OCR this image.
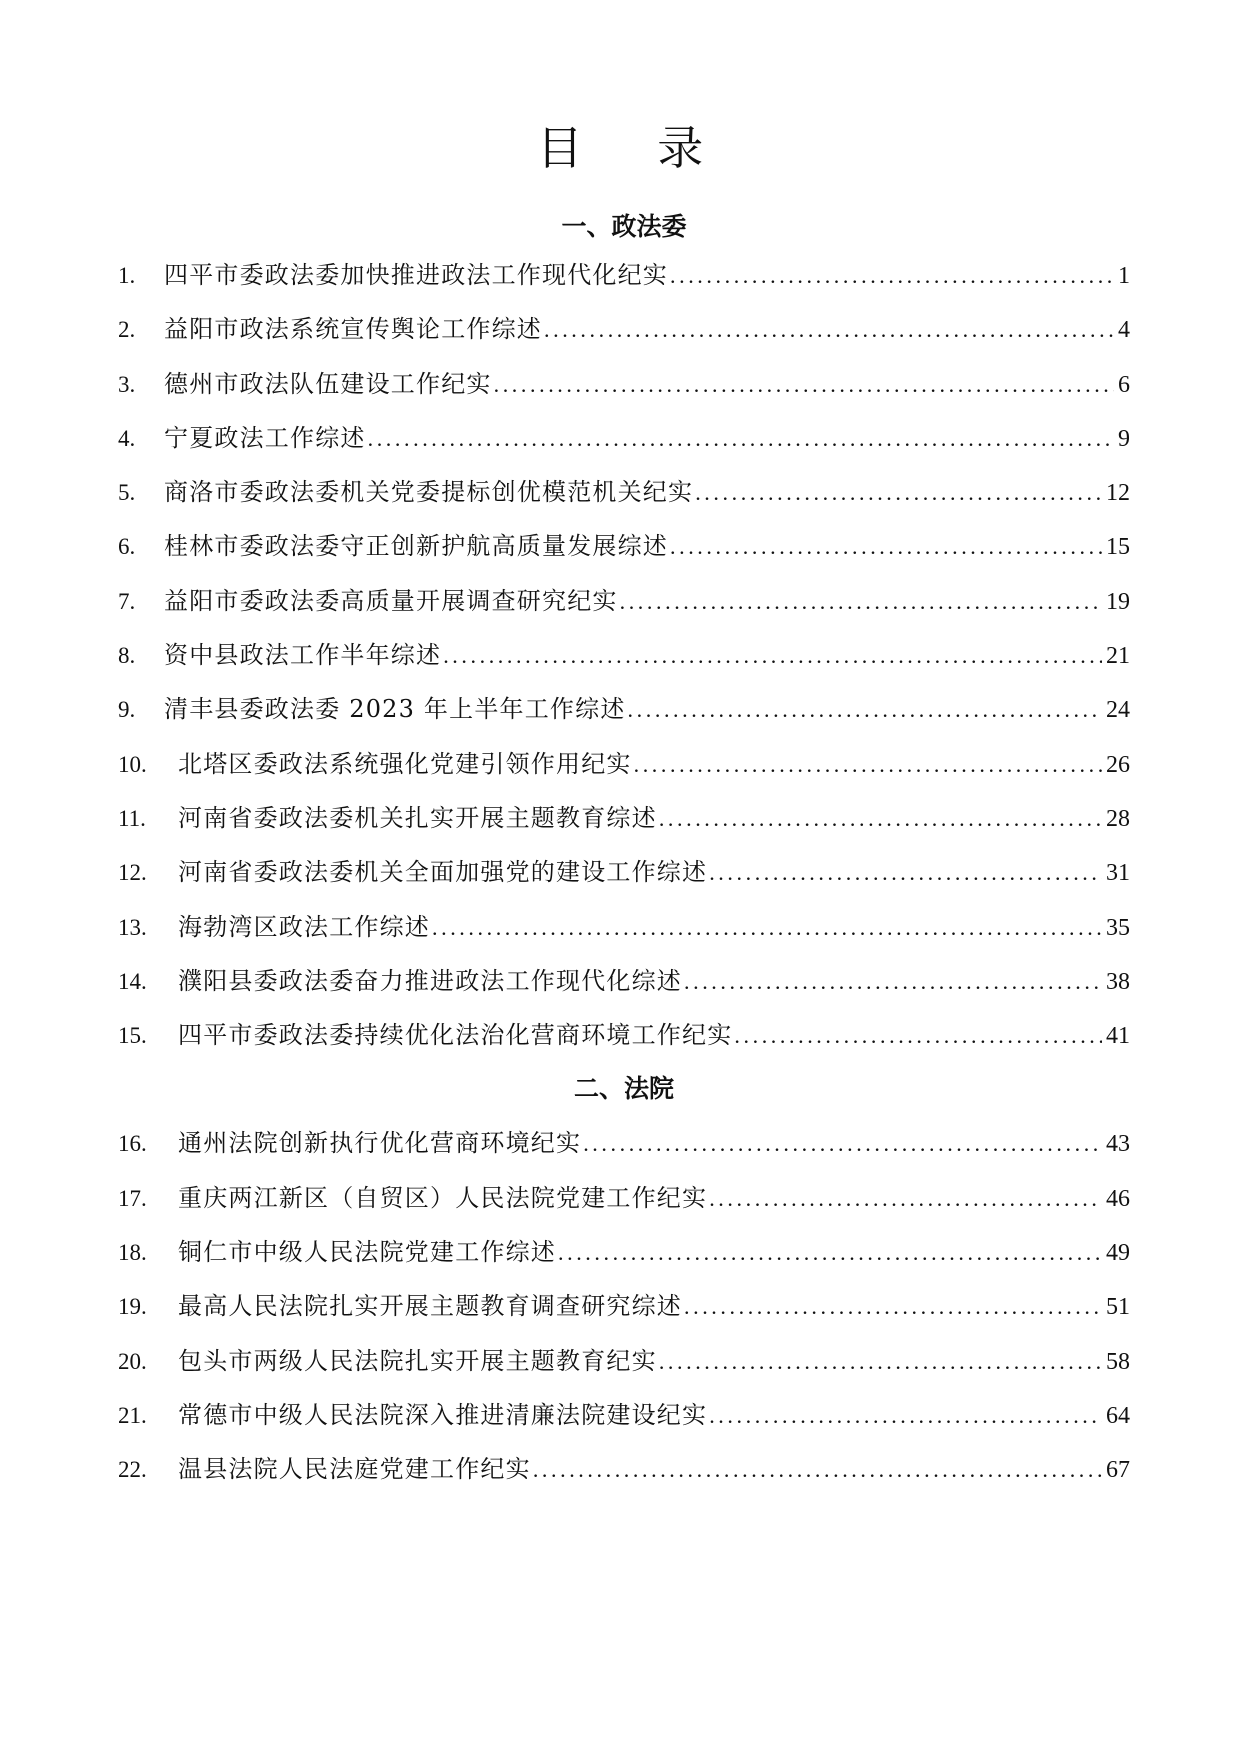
目 录
一、政法委
1.	四平市委政法委加快推进政法工作现代化纪实 .....	1
2.	益阳市政法系统宣传舆论工作综述 .....	4
3.	德州市政法队伍建设工作纪实 .....	6
4.	宁夏政法工作综述 .....	9
5.	商洛市委政法委机关党委提标创优模范机关纪实 .....	12
6.	桂林市委政法委守正创新护航高质量发展综述 .....	15
7.	益阳市委政法委高质量开展调查研究纪实 .....	19
8.	资中县政法工作半年综述 .....	21
9.	清丰县委政法委 2023 年上半年工作综述 .....	24
10.	北塔区委政法系统强化党建引领作用纪实 .....	26
11.	河南省委政法委机关扎实开展主题教育综述 .....	28
12.	河南省委政法委机关全面加强党的建设工作综述 .....	31
13.	海勃湾区政法工作综述 .....	35
14.	濮阳县委政法委奋力推进政法工作现代化综述 .....	38
15.	四平市委政法委持续优化法治化营商环境工作纪实 .....	41
二、法院
16.	通州法院创新执行优化营商环境纪实 .....	43
17.	重庆两江新区（自贸区）人民法院党建工作纪实 .....	46
18.	铜仁市中级人民法院党建工作综述 .....	49
19.	最高人民法院扎实开展主题教育调查研究综述 .....	51
20.	包头市两级人民法院扎实开展主题教育纪实 .....	58
21.	常德市中级人民法院深入推进清廉法院建设纪实 .....	64
22.	温县法院人民法庭党建工作纪实 .....	67
